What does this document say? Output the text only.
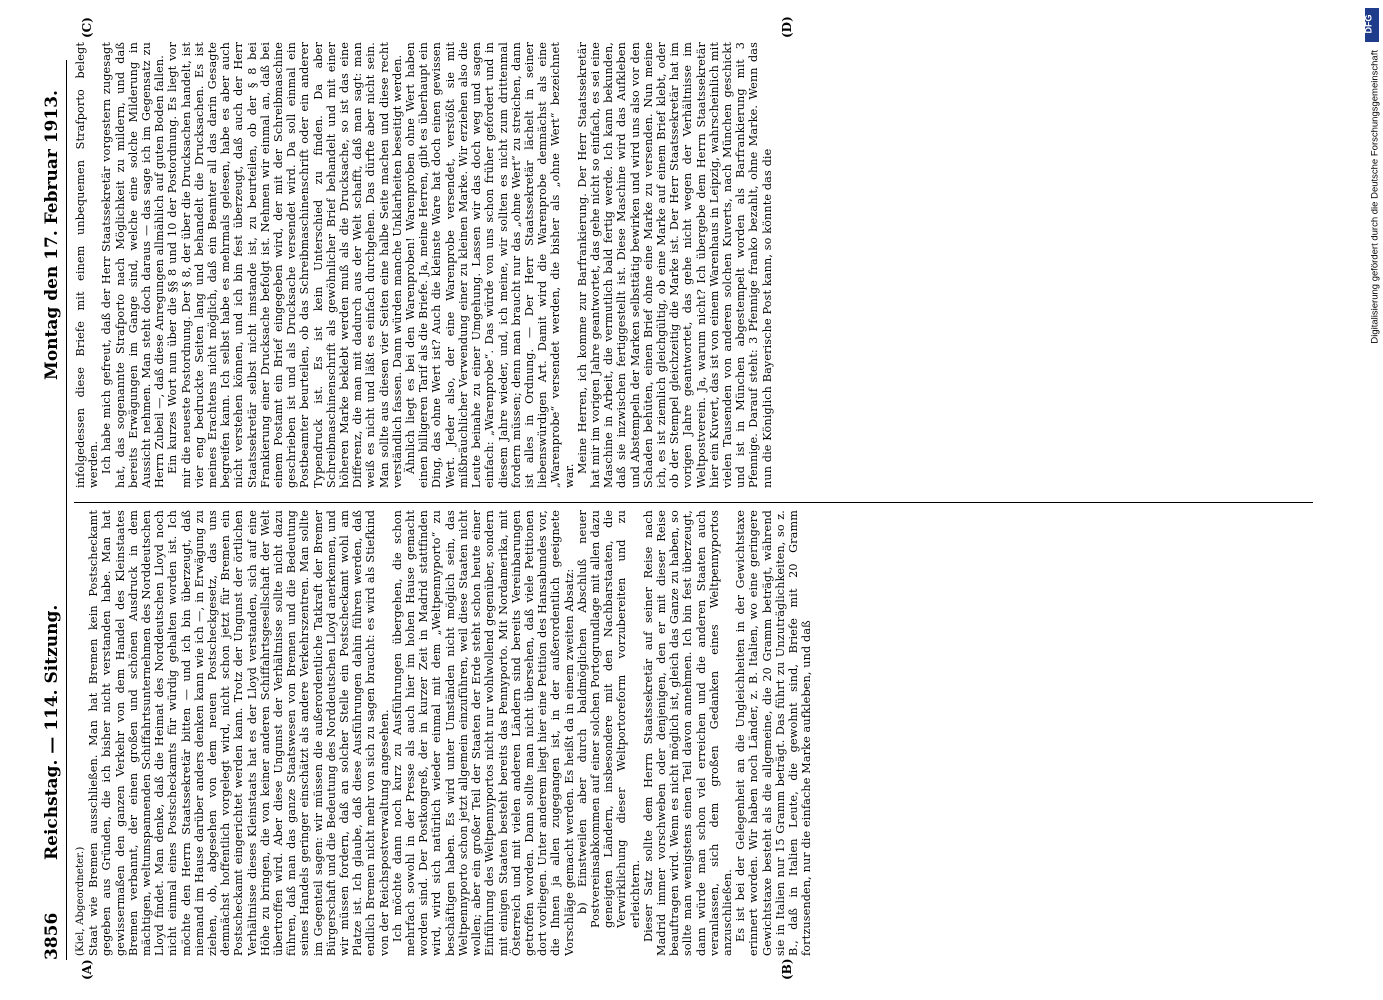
3856
Reichstag. — 114. Sitzung.
Montag den 17. Februar 1913.
(A)	(B)
(C)	(D)

(Kiel, Abgeordneter.) Staat wie Bremen ausschließen. Man hat Bremen kein Postscheckamt gegeben aus Gründen, die ich bisher nicht verstanden habe. Man hat gewissermaßen den ganzen Verkehr von dem Handel des Kleinstaates Bremen verbannt, der einen großen und schönen Ausdruck in dem mächtigen, weltumspannenden Schiffahrtsunternehmen des Norddeutschen Lloyd findet. Man denke, daß die Heimat des Norddeutschen Lloyd noch nicht einmal eines Postscheckamts für würdig gehalten worden ist. Ich möchte den Herrn Staatssekretär bitten — und ich bin überzeugt, daß niemand im Hause darüber anders denken kann wie ich —, in Erwägung zu ziehen, ob, abgesehen von dem neuen Postscheckgesetz, das uns demnächst hoffentlich vorgelegt wird, nicht schon jetzt für Bremen ein Postscheckamt eingerichtet werden kann. Trotz der Ungunst der örtlichen Verhältnisse dieses Kleinstaats hat es der Lloyd verstanden, sich auf eine Höhe zu bringen, die von keiner anderen Schiffahrtsgesellschaft der Welt übertroffen wird. Aber diese Ungunst der Verhältnisse sollte nicht dazu führen, daß man das ganze Staatswesen von Bremen und die Bedeutung seines Handels geringer einschätzt als andere Verkehrszentren. Man sollte im Gegenteil sagen: wir müssen die außerordentliche Tatkraft der Bremer Bürgerschaft und die Bedeutung des Norddeutschen Lloyd anerkennen, und wir müssen fordern, daß an solcher Stelle ein Postscheckamt wohl am Platze ist. Ich glaube, daß diese Ausführungen dahin führen werden, daß endlich Bremen nicht mehr von sich zu sagen braucht: es wird als Stiefkind von der Reichspostverwaltung angesehen. Ich möchte dann noch kurz zu Ausführungen übergehen, die schon mehrfach sowohl in der Presse als auch hier im hohen Hause gemacht worden sind. Der Postkongreß, der in kurzer Zeit in Madrid stattfinden wird, wird sich natürlich wieder einmal mit dem „Weltpennyporto“ zu beschäftigen haben. Es wird unter Umständen nicht möglich sein, das Weltpennyporto schon jetzt allgemein einzuführen, weil diese Staaten nicht wollen; aber ein großer Teil der Staaten der Erde steht schon heute einer Einführung des Weltpennyportos nicht nur wohlwollend gegenüber, sondern mit einigen Staaten besteht bereits das Pennyporto. Mit Nordamerika, mit Österreich und mit vielen anderen Ländern sind bereits Vereinbarungen getroffen worden. Dann sollte man nicht übersehen, daß viele Petitionen dort vorliegen. Unter anderem liegt hier eine Petition des Hansabundes vor, die Ihnen ja allen zugegangen ist, in der außerordentlich geeignete Vorschläge gemacht werden. Es heißt da in einem zweiten Absatz: b) Einstweilen aber durch baldmöglichen Abschluß neuer Postvereinsabkommen auf einer solchen Portogrundlage mit allen dazu geneigten Ländern, insbesondere mit den Nachbarstaaten, die Verwirklichung dieser Weltportoreform vorzubereiten und zu erleichtern. Dieser Satz sollte dem Herrn Staatssekretär auf seiner Reise nach Madrid immer vorschweben oder denjenigen, den er mit dieser Reise beauftragen wird. Wenn es nicht möglich ist, gleich das Ganze zu haben, so sollte man wenigstens einen Teil davon annehmen. Ich bin fest überzeugt, dann würde man schon viel erreichen und die anderen Staaten auch veranlassen, sich dem großen Gedanken eines Weltpennyportos anzuschließen. Es ist bei der Gelegenheit an die Ungleichheiten in der Gewichtstaxe erinnert worden. Wir haben noch Länder, z. B. Italien, wo eine geringere Gewichtstaxe besteht als die allgemeine, die 20 Gramm beträgt, während sie in Italien nur 15 Gramm beträgt. Das führt zu Unzuträglichkeiten, so z. B., daß in Italien Leute, die gewohnt sind, Briefe mit 20 Gramm fortzusenden, nur die einfache Marke aufkleben, und daß

infolgedessen diese Briefe mit einem unbequemen Strafporto belegt werden. Ich habe mich gefreut, daß der Herr Staatssekretär vorgestern zugesagt hat, das sogenannte Strafporto nach Möglichkeit zu mildern, und daß bereits Erwägungen im Gange sind, welche eine solche Milderung in Aussicht nehmen. Man steht doch daraus — das sage ich im Gegensatz zu Herrn Zubeil —, daß diese Anregungen allmählich auf guten Boden fallen. Ein kurzes Wort nun über die §§ 8 und 10 der Postordnung. Es liegt vor mir die neueste Postordnung. Der § 8, der über die Drucksachen handelt, ist vier eng bedruckte Seiten lang und behandelt die Drucksachen. Es ist meines Erachtens nicht möglich, daß ein Beamter all das darin Gesagte begreifen kann. Ich selbst habe es mehrmals gelesen, habe es aber auch nicht verstehen können, und ich bin fest überzeugt, daß auch der Herr Staatssekretär selbst nicht imstande ist, zu beurteilen, ob der § 8 bei Frankierung einer Drucksache befolgt ist. Nehmen wir einmal an, daß bei einem Postamt ein Brief eingegeben wird, der mit der Schreibmaschine geschrieben ist und als Drucksache versendet wird. Da soll einmal ein Postbeamter beurteilen, ob das Schreibmaschinenschrift oder ein anderer Typendruck ist. Es ist kein Unterschied zu finden. Da aber Schreibmaschinenschrift als gewöhnlicher Brief behandelt und mit einer höheren Marke beklebt werden muß als die Drucksache, so ist das eine Differenz, die man mit dadurch aus der Welt schafft, daß man sagt: man weiß es nicht und läßt es einfach durchgehen. Das dürfte aber nicht sein. Man sollte aus diesen vier Seiten eine halbe Seite machen und diese recht verständlich fassen. Dann würden manche Unklarheiten beseitigt werden. Ähnlich liegt es bei den Warenproben! Warenproben ohne Wert haben einen billigeren Tarif als die Briefe. Ja, meine Herren, gibt es überhaupt ein Ding, das ohne Wert ist? Auch die kleinste Ware hat doch einen gewissen Wert. Jeder also, der eine Warenprobe versendet, verstößt sie mit mißbräuchlicher Verwendung einer zu kleinen Marke. Wir erziehen also die Leute beinahe zu einer Umgehung. Lassen wir das doch weg und sagen einfach: „Warenprobe“. Das würde von uns schon früher gefordert und in diesem Jahre wieder, und, ich meine, wir sollten es nicht zum drittenmal fordern müssen; denn man braucht nur das „ohne Wert“ zu streichen, dann ist alles in Ordnung. — Der Herr Staatssekretär lächelt in seiner liebenswürdigen Art. Damit wird die Warenprobe demnächst als eine „Warenprobe“ versendet werden, die bisher als „ohne Wert“ bezeichnet war.

Meine Herren, ich komme zur Barfrankierung. Der Herr Staatssekretär hat mir im vorigen Jahre geantwortet, das gehe nicht so einfach, es sei eine Maschine in Arbeit, die vermutlich bald fertig werde. Ich kann bekunden, daß sie inzwischen fertiggestellt ist. Diese Maschine wird das Aufkleben und Abstempeln der Marken selbsttätig bewirken und wird uns also vor den Schaden behüten, einen Brief ohne eine Marke zu versenden. Nun meine ich, es ist ziemlich gleichgültig, ob eine Marke auf einem Brief klebt, oder ob der Stempel gleichzeitig die Marke ist. Der Herr Staatssekretär hat im vorigen Jahre geantwortet, das gehe nicht wegen der Verhältnisse im Weltpostverein. Ja, warum nicht? Ich übergebe dem Herrn Staatssekretär hier ein Kuvert, das ist von einem Warenhaus in Leipzig, wahrscheinlich mit vielen Tausenden von anderen solchen Kuverts, nach München geschickt und ist in München abgestempelt worden als Barfrankierung mit 3 Pfennige. Darauf steht: 3 Pfennige franko bezahlt, ohne Marke. Wenn das nun die Königlich Bayerische Post kann, so könnte das die

DFG
Digitalisierung gefördert durch die Deutsche Forschungsgemeinschaft
